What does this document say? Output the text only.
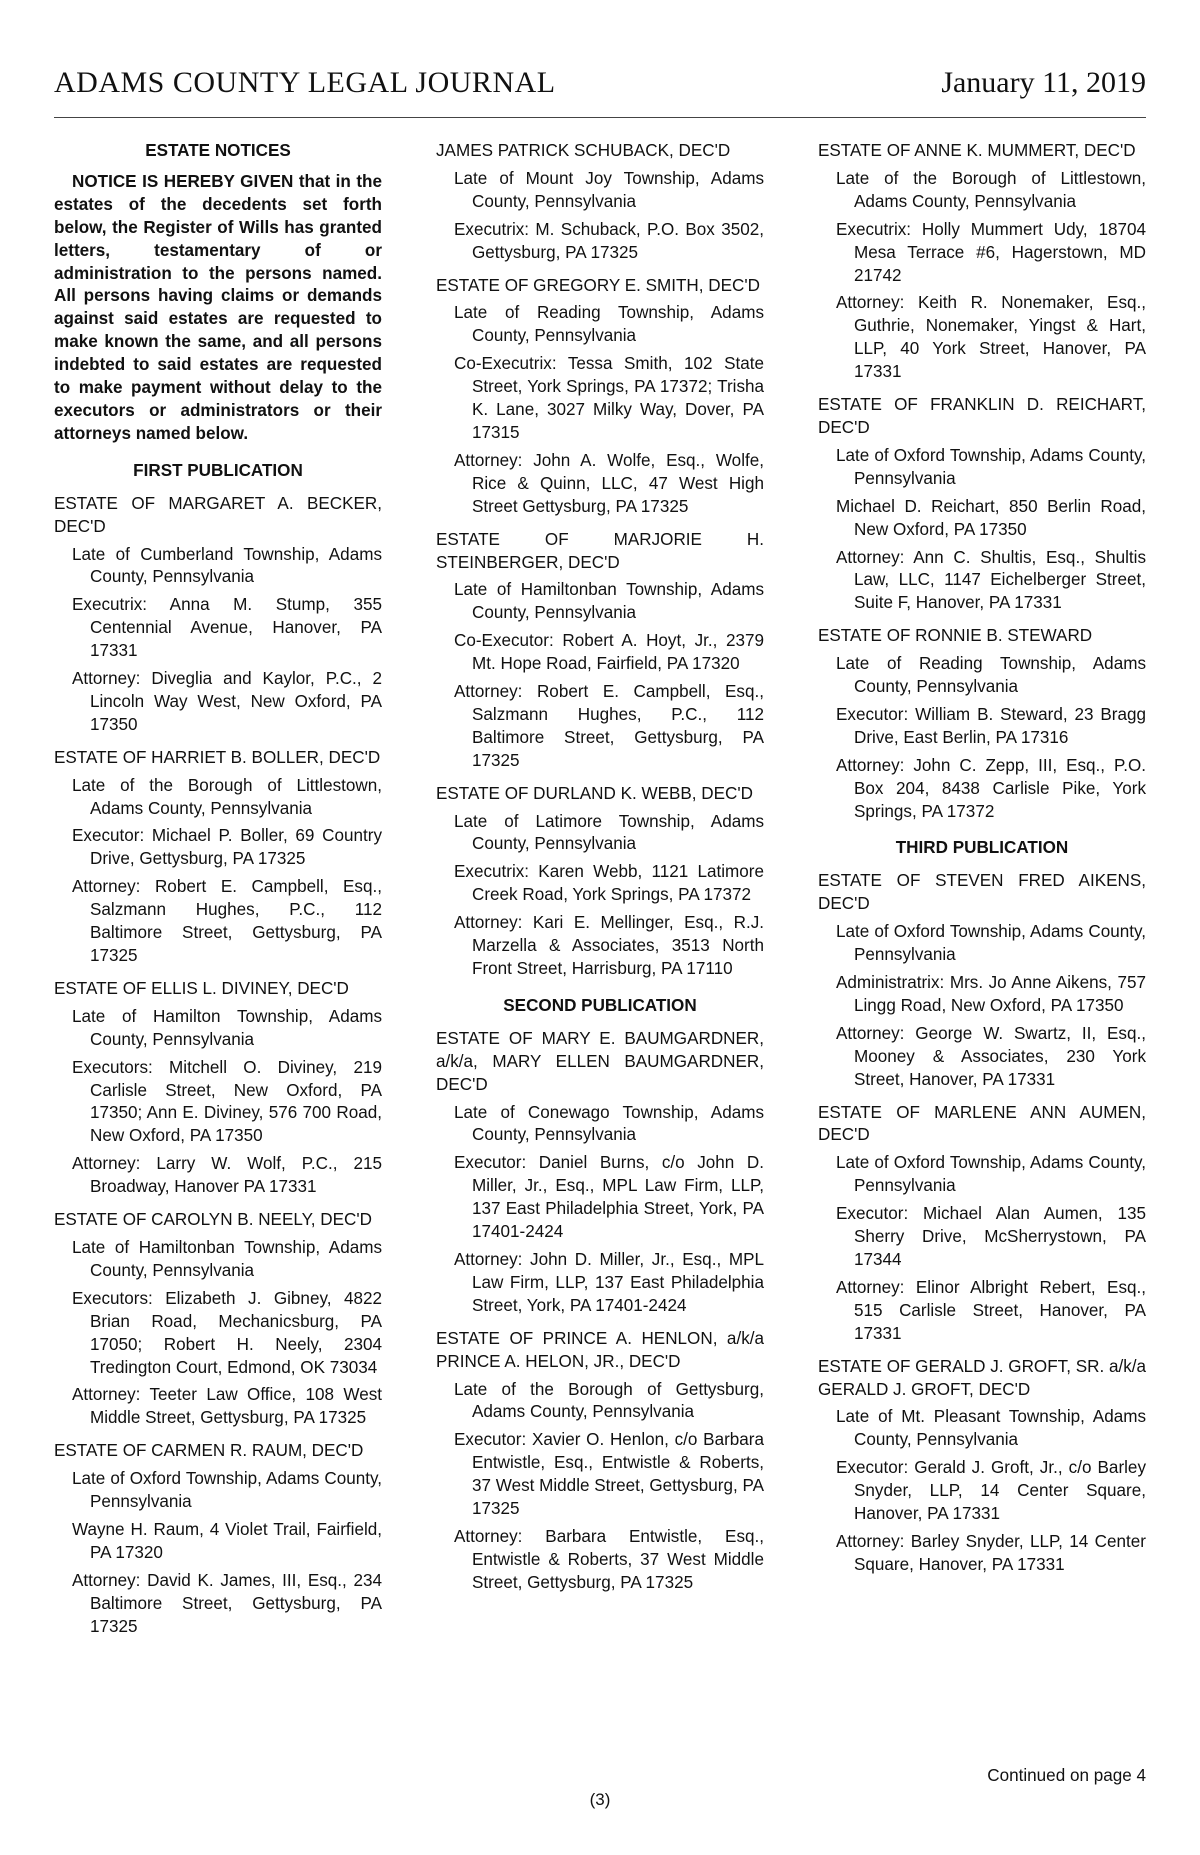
ADAMS COUNTY LEGAL JOURNAL	January 11, 2019
ESTATE NOTICES
NOTICE IS HEREBY GIVEN that in the estates of the decedents set forth below, the Register of Wills has granted letters, testamentary of or administration to the persons named. All persons having claims or demands against said estates are requested to make known the same, and all persons indebted to said estates are requested to make payment without delay to the executors or administrators or their attorneys named below.
FIRST PUBLICATION
ESTATE OF MARGARET A. BECKER, DEC'D
Late of Cumberland Township, Adams County, Pennsylvania
Executrix: Anna M. Stump, 355 Centennial Avenue, Hanover, PA 17331
Attorney: Diveglia and Kaylor, P.C., 2 Lincoln Way West, New Oxford, PA 17350
ESTATE OF HARRIET B. BOLLER, DEC'D
Late of the Borough of Littlestown, Adams County, Pennsylvania
Executor: Michael P. Boller, 69 Country Drive, Gettysburg, PA 17325
Attorney: Robert E. Campbell, Esq., Salzmann Hughes, P.C., 112 Baltimore Street, Gettysburg, PA 17325
ESTATE OF ELLIS L. DIVINEY, DEC'D
Late of Hamilton Township, Adams County, Pennsylvania
Executors: Mitchell O. Diviney, 219 Carlisle Street, New Oxford, PA 17350; Ann E. Diviney, 576 700 Road, New Oxford, PA 17350
Attorney: Larry W. Wolf, P.C., 215 Broadway, Hanover PA 17331
ESTATE OF CAROLYN B. NEELY, DEC'D
Late of Hamiltonban Township, Adams County, Pennsylvania
Executors: Elizabeth J. Gibney, 4822 Brian Road, Mechanicsburg, PA 17050; Robert H. Neely, 2304 Tredington Court, Edmond, OK 73034
Attorney: Teeter Law Office, 108 West Middle Street, Gettysburg, PA 17325
ESTATE OF CARMEN R. RAUM, DEC'D
Late of Oxford Township, Adams County, Pennsylvania
Wayne H. Raum, 4 Violet Trail, Fairfield, PA 17320
Attorney: David K. James, III, Esq., 234 Baltimore Street, Gettysburg, PA 17325
JAMES PATRICK SCHUBACK, DEC'D
Late of Mount Joy Township, Adams County, Pennsylvania
Executrix: M. Schuback, P.O. Box 3502, Gettysburg, PA 17325
ESTATE OF GREGORY E. SMITH, DEC'D
Late of Reading Township, Adams County, Pennsylvania
Co-Executrix: Tessa Smith, 102 State Street, York Springs, PA 17372; Trisha K. Lane, 3027 Milky Way, Dover, PA 17315
Attorney: John A. Wolfe, Esq., Wolfe, Rice & Quinn, LLC, 47 West High Street Gettysburg, PA 17325
ESTATE OF MARJORIE H. STEINBERGER, DEC'D
Late of Hamiltonban Township, Adams County, Pennsylvania
Co-Executor: Robert A. Hoyt, Jr., 2379 Mt. Hope Road, Fairfield, PA 17320
Attorney: Robert E. Campbell, Esq., Salzmann Hughes, P.C., 112 Baltimore Street, Gettysburg, PA 17325
ESTATE OF DURLAND K. WEBB, DEC'D
Late of Latimore Township, Adams County, Pennsylvania
Executrix: Karen Webb, 1121 Latimore Creek Road, York Springs, PA 17372
Attorney: Kari E. Mellinger, Esq., R.J. Marzella & Associates, 3513 North Front Street, Harrisburg, PA 17110
SECOND PUBLICATION
ESTATE OF MARY E. BAUMGARDNER, a/k/a, MARY ELLEN BAUMGARDNER, DEC'D
Late of Conewago Township, Adams County, Pennsylvania
Executor: Daniel Burns, c/o John D. Miller, Jr., Esq., MPL Law Firm, LLP, 137 East Philadelphia Street, York, PA 17401-2424
Attorney: John D. Miller, Jr., Esq., MPL Law Firm, LLP, 137 East Philadelphia Street, York, PA 17401-2424
ESTATE OF PRINCE A. HENLON, a/k/a PRINCE A. HELON, JR., DEC'D
Late of the Borough of Gettysburg, Adams County, Pennsylvania
Executor: Xavier O. Henlon, c/o Barbara Entwistle, Esq., Entwistle & Roberts, 37 West Middle Street, Gettysburg, PA 17325
Attorney: Barbara Entwistle, Esq., Entwistle & Roberts, 37 West Middle Street, Gettysburg, PA 17325
ESTATE OF ANNE K. MUMMERT, DEC'D
Late of the Borough of Littlestown, Adams County, Pennsylvania
Executrix: Holly Mummert Udy, 18704 Mesa Terrace #6, Hagerstown, MD 21742
Attorney: Keith R. Nonemaker, Esq., Guthrie, Nonemaker, Yingst & Hart, LLP, 40 York Street, Hanover, PA 17331
ESTATE OF FRANKLIN D. REICHART, DEC'D
Late of Oxford Township, Adams County, Pennsylvania
Michael D. Reichart, 850 Berlin Road, New Oxford, PA 17350
Attorney: Ann C. Shultis, Esq., Shultis Law, LLC, 1147 Eichelberger Street, Suite F, Hanover, PA 17331
ESTATE OF RONNIE B. STEWARD
Late of Reading Township, Adams County, Pennsylvania
Executor: William B. Steward, 23 Bragg Drive, East Berlin, PA 17316
Attorney: John C. Zepp, III, Esq., P.O. Box 204, 8438 Carlisle Pike, York Springs, PA 17372
THIRD PUBLICATION
ESTATE OF STEVEN FRED AIKENS, DEC'D
Late of Oxford Township, Adams County, Pennsylvania
Administratrix: Mrs. Jo Anne Aikens, 757 Lingg Road, New Oxford, PA 17350
Attorney: George W. Swartz, II, Esq., Mooney & Associates, 230 York Street, Hanover, PA 17331
ESTATE OF MARLENE ANN AUMEN, DEC'D
Late of Oxford Township, Adams County, Pennsylvania
Executor: Michael Alan Aumen, 135 Sherry Drive, McSherrystown, PA 17344
Attorney: Elinor Albright Rebert, Esq., 515 Carlisle Street, Hanover, PA 17331
ESTATE OF GERALD J. GROFT, SR. a/k/a GERALD J. GROFT, DEC'D
Late of Mt. Pleasant Township, Adams County, Pennsylvania
Executor: Gerald J. Groft, Jr., c/o Barley Snyder, LLP, 14 Center Square, Hanover, PA 17331
Attorney: Barley Snyder, LLP, 14 Center Square, Hanover, PA 17331
Continued on page 4
(3)
